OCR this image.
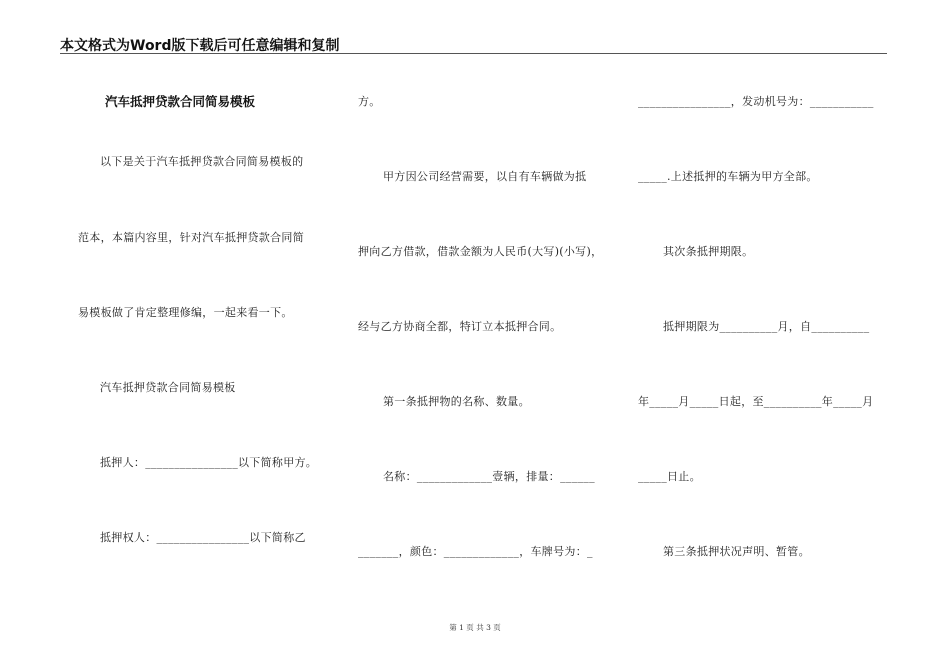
本文格式为Word版下载后可任意编辑和复制
汽车抵押贷款合同简易模板
以下是关于汽车抵押贷款合同简易模板的
范本，本篇内容里，针对汽车抵押贷款合同简
易模板做了肯定整理修编，一起来看一下。
汽车抵押贷款合同简易模板
抵押人：________________以下简称甲方。
抵押权人：________________以下简称乙
方。
甲方因公司经营需要，以自有车辆做为抵
押向乙方借款，借款金额为人民币(大写)(小写)，
经与乙方协商全都，特订立本抵押合同。
第一条抵押物的名称、数量。
名称：_____________壹辆，排量：______
_______，颜色：_____________，车牌号为：_
________________，发动机号为：___________
_____.上述抵押的车辆为甲方全部。
其次条抵押期限。
抵押期限为__________月，自__________
年_____月_____日起，至__________年_____月
_____日止。
第三条抵押状况声明、暂管。
第 1 页 共 3 页
